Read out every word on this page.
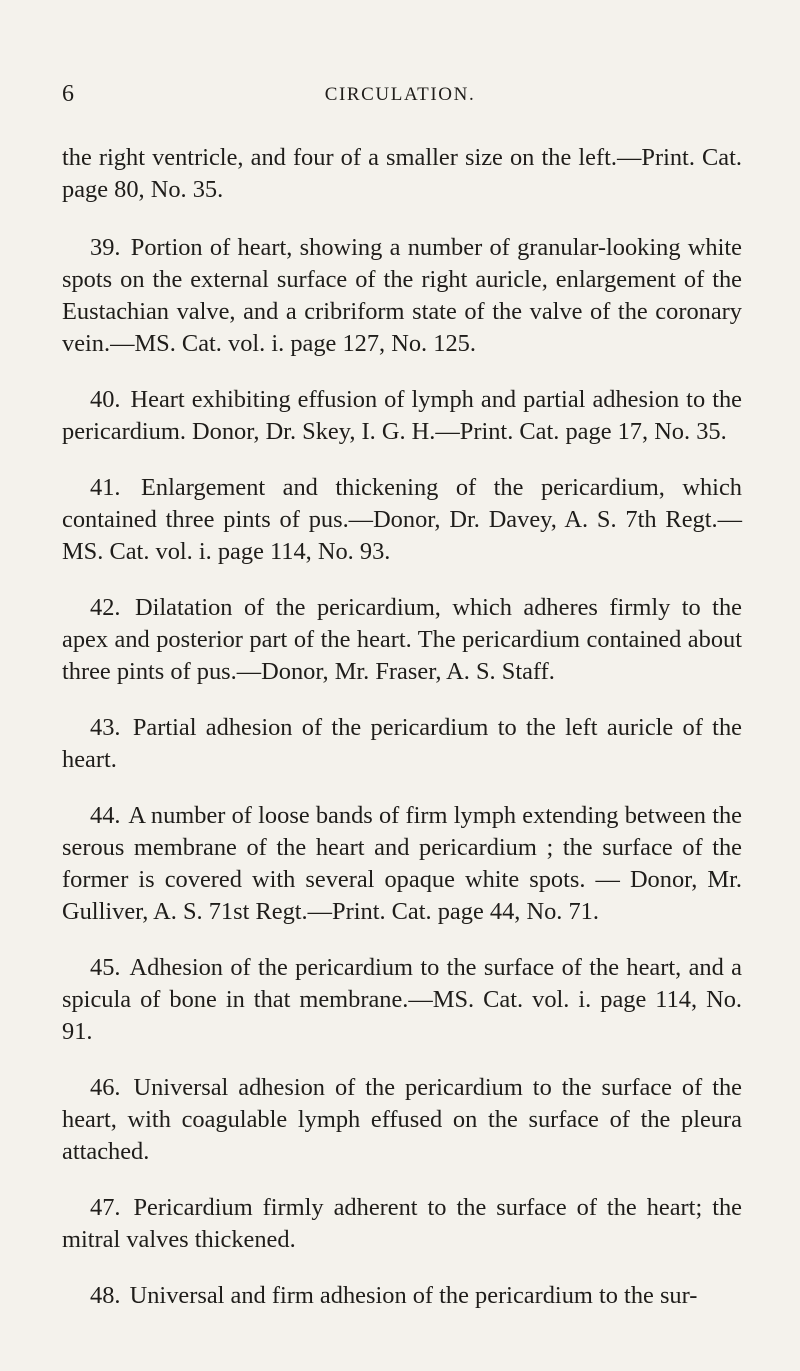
6	CIRCULATION.

the right ventricle, and four of a smaller size on the left.—Print. Cat. page 80, No. 35.

39. Portion of heart, showing a number of granular-looking white spots on the external surface of the right auricle, enlargement of the Eustachian valve, and a cribriform state of the valve of the coronary vein.—MS. Cat. vol. i. page 127, No. 125.

40. Heart exhibiting effusion of lymph and partial adhesion to the pericardium. Donor, Dr. Skey, I. G. H.—Print. Cat. page 17, No. 35.

41. Enlargement and thickening of the pericardium, which contained three pints of pus.—Donor, Dr. Davey, A. S. 7th Regt.— MS. Cat. vol. i. page 114, No. 93.

42. Dilatation of the pericardium, which adheres firmly to the apex and posterior part of the heart. The pericardium contained about three pints of pus.—Donor, Mr. Fraser, A. S. Staff.

43. Partial adhesion of the pericardium to the left auricle of the heart.

44. A number of loose bands of firm lymph extending between the serous membrane of the heart and pericardium ; the surface of the former is covered with several opaque white spots. — Donor, Mr. Gulliver, A. S. 71st Regt.—Print. Cat. page 44, No. 71.

45. Adhesion of the pericardium to the surface of the heart, and a spicula of bone in that membrane.—MS. Cat. vol. i. page 114, No. 91.

46. Universal adhesion of the pericardium to the surface of the heart, with coagulable lymph effused on the surface of the pleura attached.

47. Pericardium firmly adherent to the surface of the heart; the mitral valves thickened.

48. Universal and firm adhesion of the pericardium to the sur-
